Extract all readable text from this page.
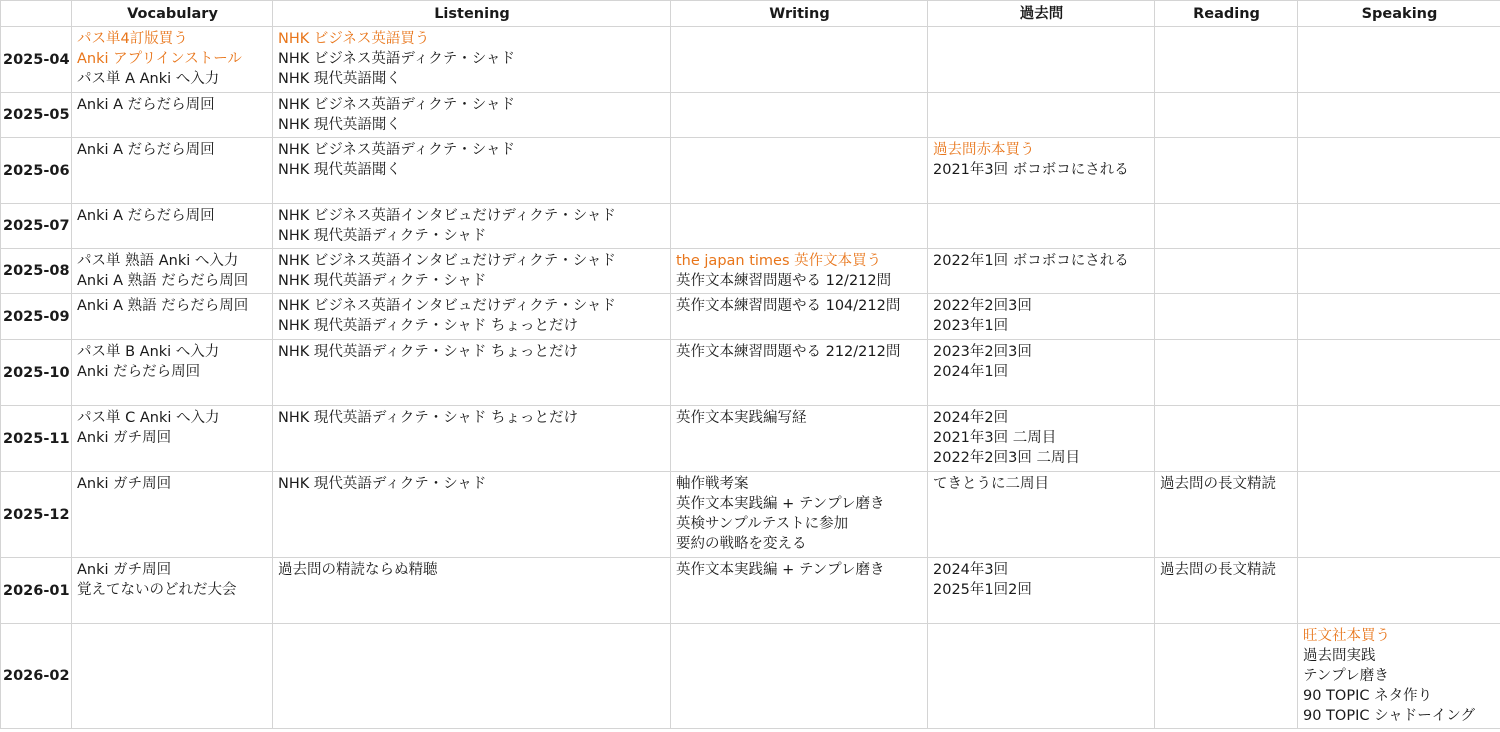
	Vocabulary	Listening	Writing	過去問	Reading	Speaking
2025-04	パス単4訂版買う
Anki アプリインストール
パス単 A Anki へ入力	NHK ビジネス英語買う
NHK ビジネス英語ディクテ・シャド
NHK 現代英語聞く				

2025-05	Anki A だらだら周回	NHK ビジネス英語ディクテ・シャド
NHK 現代英語聞く				

2025-06	Anki A だらだら周回	NHK ビジネス英語ディクテ・シャド
NHK 現代英語聞く		過去問赤本買う
2021年3回 ボコボコにされる		

2025-07	Anki A だらだら周回	NHK ビジネス英語インタビュだけディクテ・シャド
NHK 現代英語ディクテ・シャド				

2025-08	パス単 熟語 Anki へ入力
Anki A 熟語 だらだら周回	NHK ビジネス英語インタビュだけディクテ・シャド
NHK 現代英語ディクテ・シャド	the japan times 英作文本買う
英作文本練習問題やる 12/212問	2022年1回 ボコボコにされる		

2025-09	Anki A 熟語 だらだら周回	NHK ビジネス英語インタビュだけディクテ・シャド
NHK 現代英語ディクテ・シャド ちょっとだけ	英作文本練習問題やる 104/212問	2022年2回3回
2023年1回		

2025-10	パス単 B Anki へ入力
Anki だらだら周回	NHK 現代英語ディクテ・シャド ちょっとだけ	英作文本練習問題やる 212/212問	2023年2回3回
2024年1回		

2025-11	パス単 C Anki へ入力
Anki ガチ周回	NHK 現代英語ディクテ・シャド ちょっとだけ	英作文本実践編写経	2024年2回
2021年3回 二周目
2022年2回3回 二周目		

2025-12	Anki ガチ周回	NHK 現代英語ディクテ・シャド	軸作戦考案
英作文本実践編 + テンプレ磨き
英検サンプルテストに参加
要約の戦略を変える	てきとうに二周目	過去問の長文精読	

2026-01	Anki ガチ周回
覚えてないのどれだ大会	過去問の精読ならぬ精聴	英作文本実践編 + テンプレ磨き	2024年3回
2025年1回2回	過去問の長文精読	

2026-02						旺文社本買う
過去問実践
テンプレ磨き
90 TOPIC ネタ作り
90 TOPIC シャドーイング
